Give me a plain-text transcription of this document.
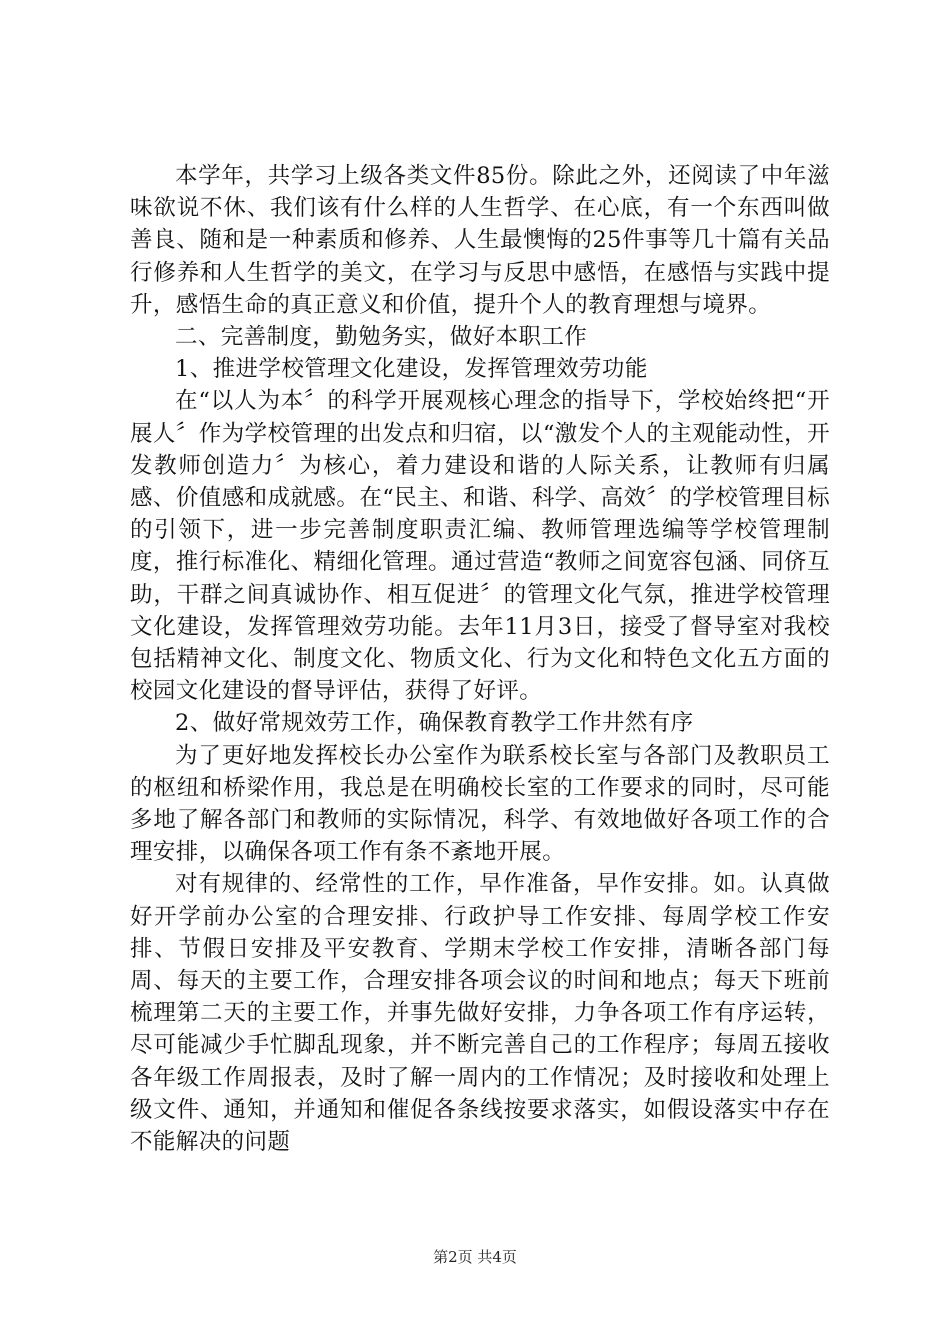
本学年，共学习上级各类文件85份。除此之外，还阅读了中年滋味欲说不休、我们该有什么样的人生哲学、在心底，有一个东西叫做善良、随和是一种素质和修养、人生最懊悔的25件事等几十篇有关品行修养和人生哲学的美文，在学习与反思中感悟，在感悟与实践中提升，感悟生命的真正意义和价值，提升个人的教育理想与境界。

二、完善制度，勤勉务实，做好本职工作

1、推进学校管理文化建设，发挥管理效劳功能

在“以人为本〞的科学开展观核心理念的指导下，学校始终把“开展人〞作为学校管理的出发点和归宿，以“激发个人的主观能动性，开发教师创造力〞为核心，着力建设和谐的人际关系，让教师有归属感、价值感和成就感。在“民主、和谐、科学、高效〞的学校管理目标的引领下，进一步完善制度职责汇编、教师管理选编等学校管理制度，推行标准化、精细化管理。通过营造“教师之间宽容包涵、同侪互助，干群之间真诚协作、相互促进〞的管理文化气氛，推进学校管理文化建设，发挥管理效劳功能。去年11月3日，接受了督导室对我校包括精神文化、制度文化、物质文化、行为文化和特色文化五方面的校园文化建设的督导评估，获得了好评。

2、做好常规效劳工作，确保教育教学工作井然有序

为了更好地发挥校长办公室作为联系校长室与各部门及教职员工的枢纽和桥梁作用，我总是在明确校长室的工作要求的同时，尽可能多地了解各部门和教师的实际情况，科学、有效地做好各项工作的合理安排，以确保各项工作有条不紊地开展。

对有规律的、经常性的工作，早作准备，早作安排。如。认真做好开学前办公室的合理安排、行政护导工作安排、每周学校工作安排、节假日安排及平安教育、学期末学校工作安排，清晰各部门每周、每天的主要工作，合理安排各项会议的时间和地点；每天下班前梳理第二天的主要工作，并事先做好安排，力争各项工作有序运转，尽可能减少手忙脚乱现象，并不断完善自己的工作程序；每周五接收各年级工作周报表，及时了解一周内的工作情况；及时接收和处理上级文件、通知，并通知和催促各条线按要求落实，如假设落实中存在不能解决的问题

第2页 共4页
